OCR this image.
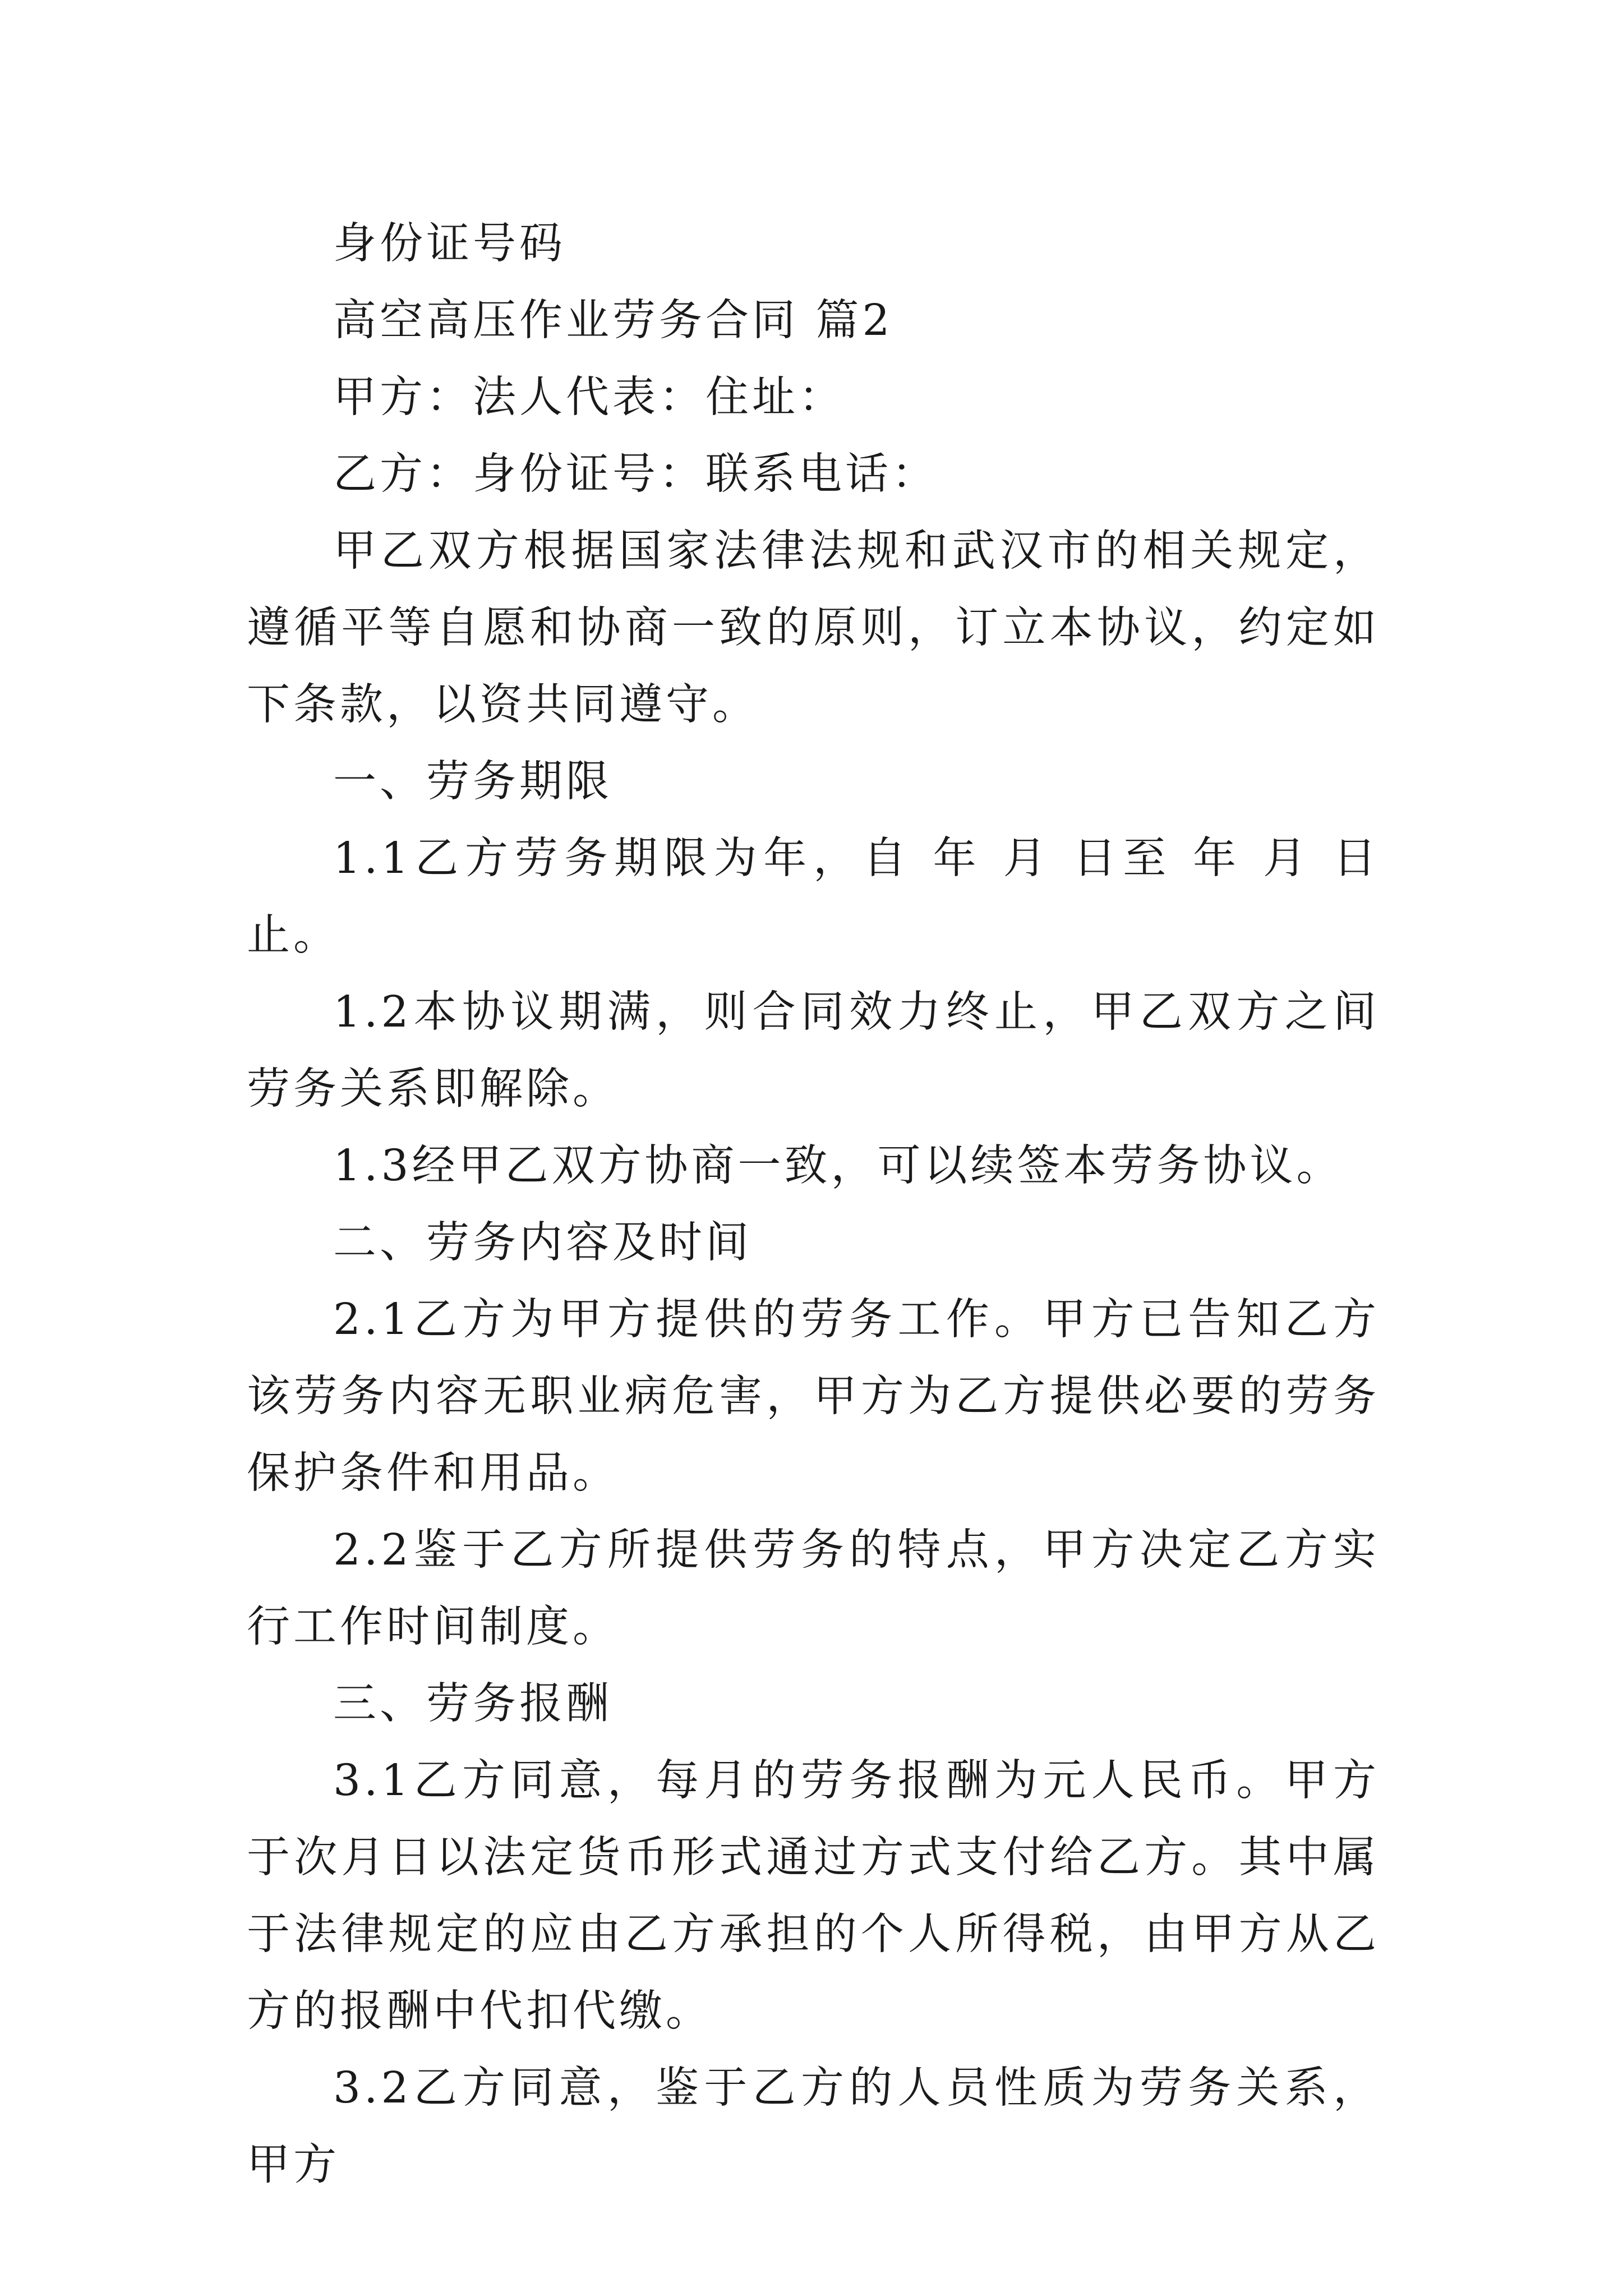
身份证号码

高空高压作业劳务合同 篇2

甲方：法人代表：住址：

乙方：身份证号：联系电话：

甲乙双方根据国家法律法规和武汉市的相关规定，遵循平等自愿和协商一致的原则，订立本协议，约定如下条款，以资共同遵守。

一、劳务期限

1.1乙方劳务期限为年，自 年 月 日至 年 月 日止。

1.2本协议期满，则合同效力终止，甲乙双方之间劳务关系即解除。

1.3经甲乙双方协商一致，可以续签本劳务协议。

二、劳务内容及时间

2.1乙方为甲方提供的劳务工作。甲方已告知乙方该劳务内容无职业病危害，甲方为乙方提供必要的劳务保护条件和用品。

2.2鉴于乙方所提供劳务的特点，甲方决定乙方实行工作时间制度。

三、劳务报酬

3.1乙方同意，每月的劳务报酬为元人民币。甲方于次月日以法定货币形式通过方式支付给乙方。其中属于法律规定的应由乙方承担的个人所得税，由甲方从乙方的报酬中代扣代缴。

3.2乙方同意，鉴于乙方的人员性质为劳务关系，甲方
